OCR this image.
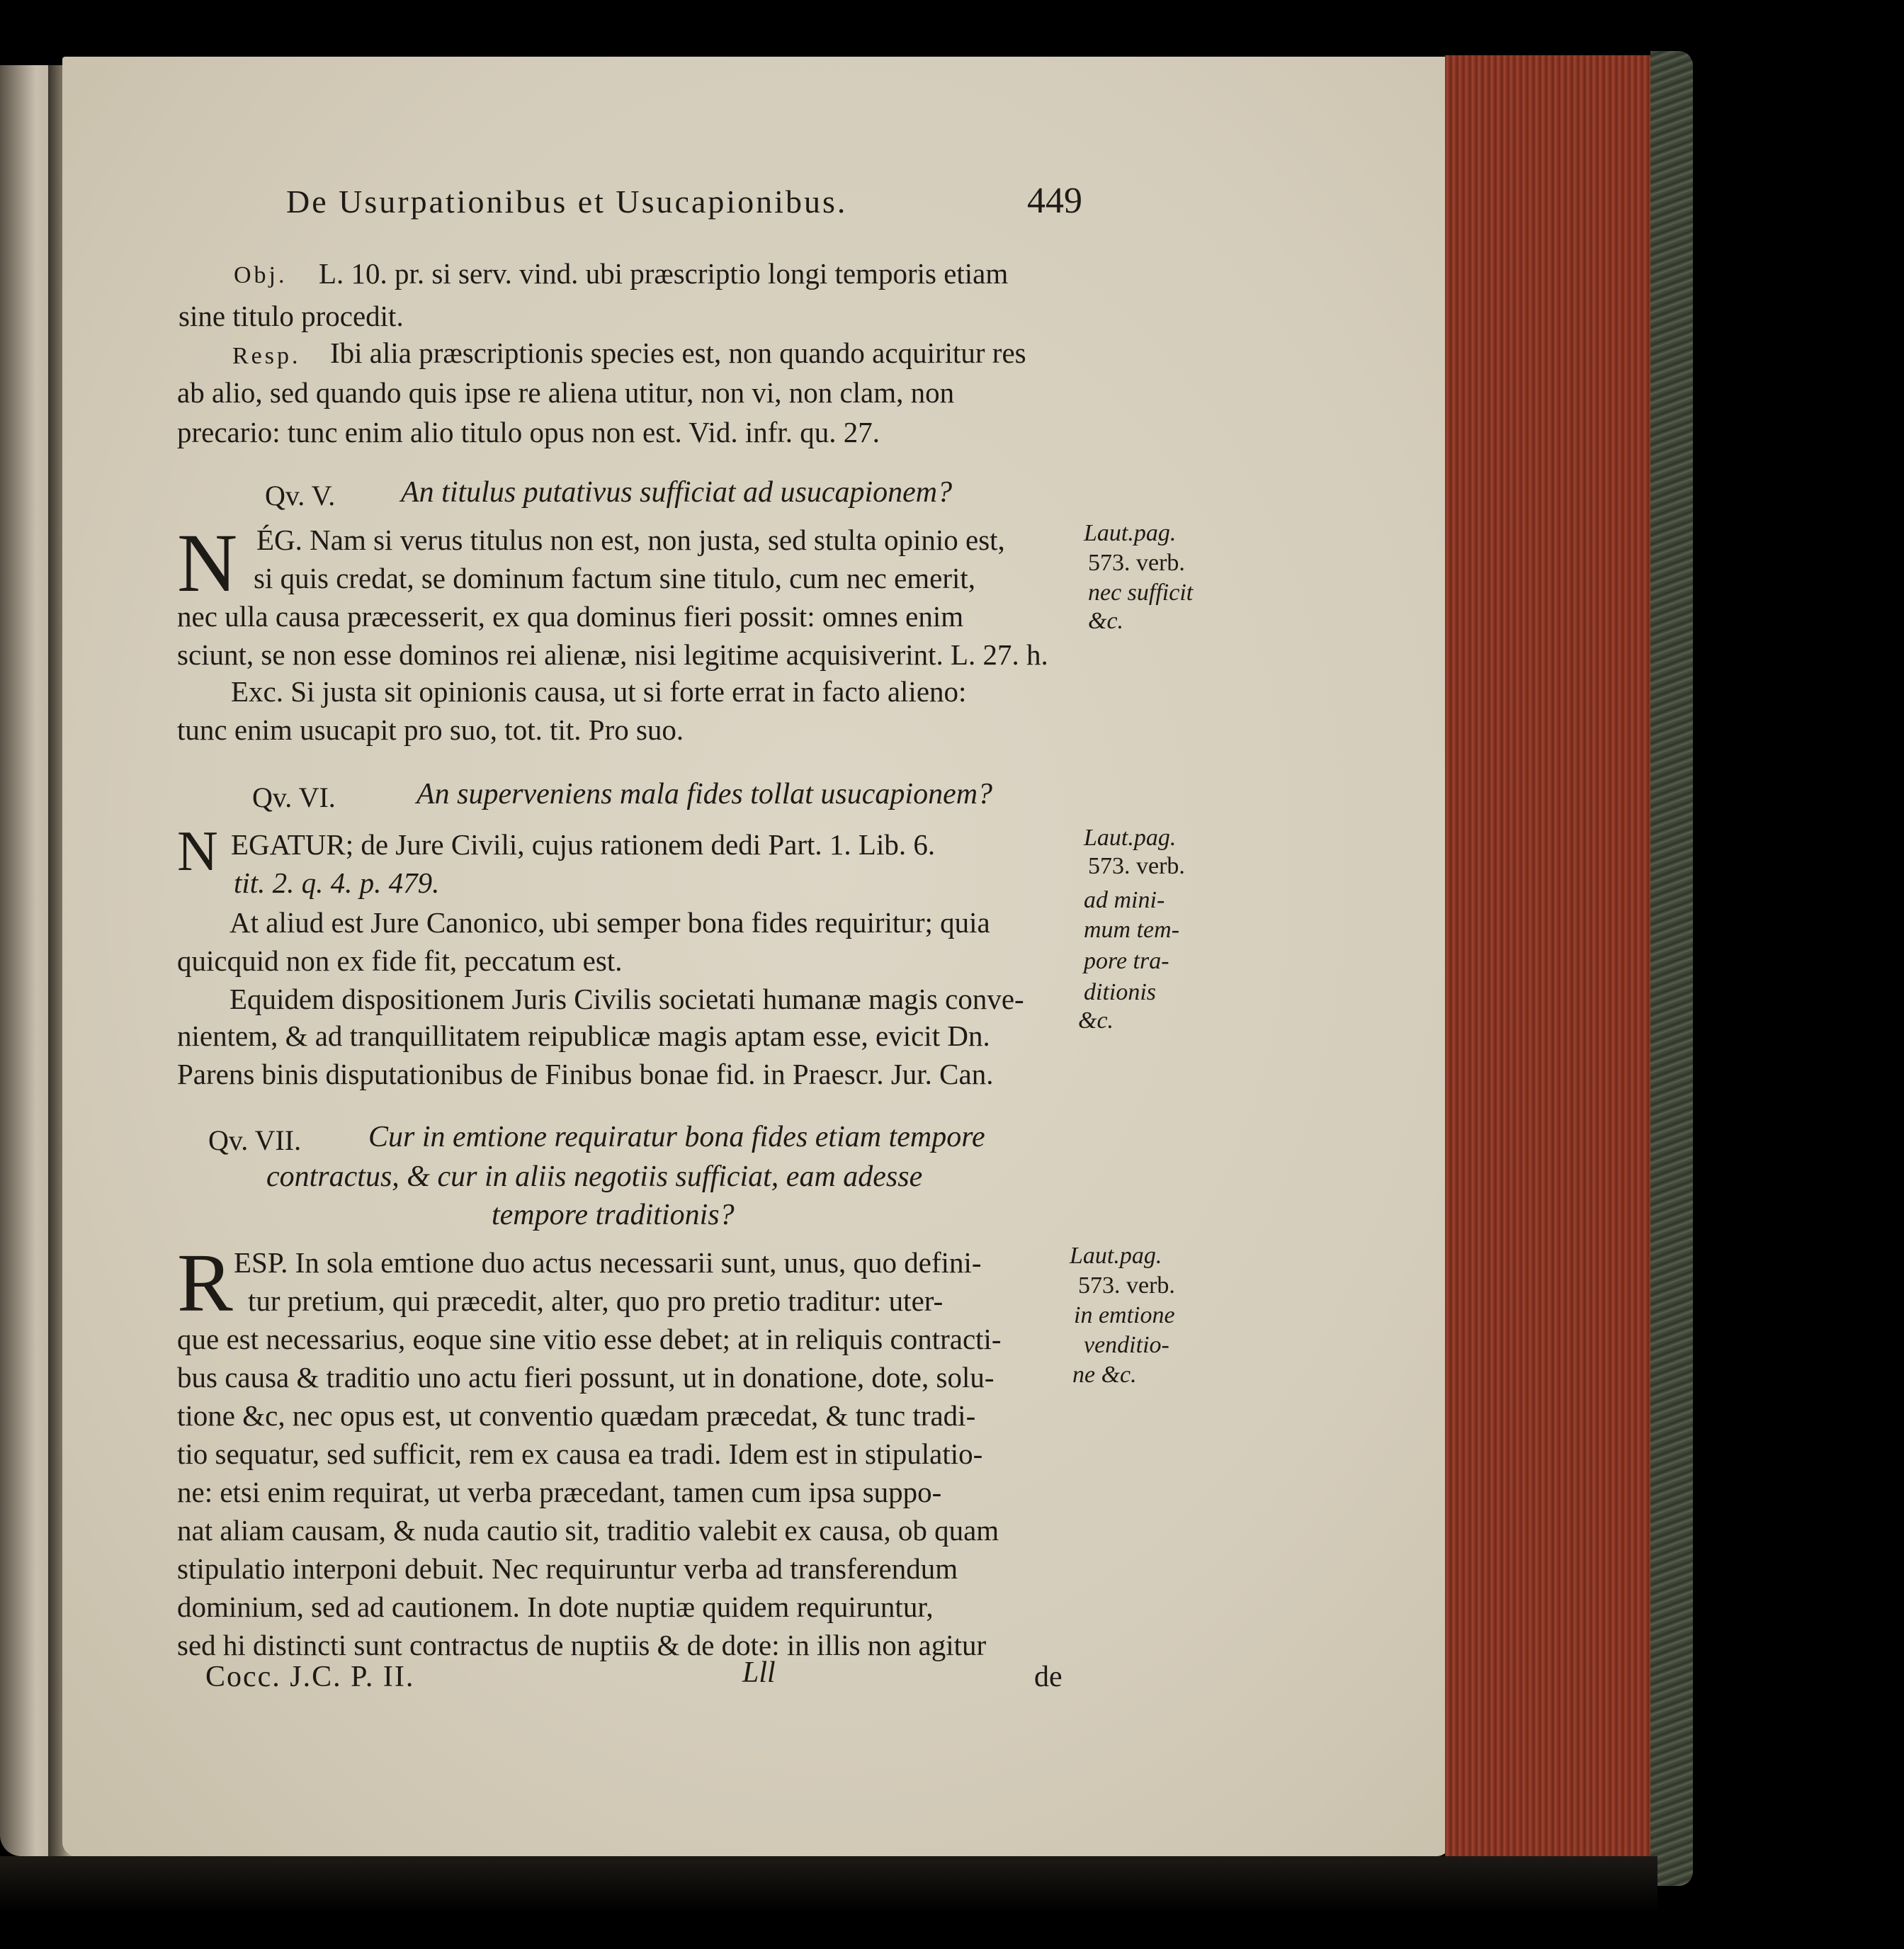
De Usurpationibus et Usucapionibus.	449
Obj. L. 10. pr. si serv. vind. ubi præscriptio longi temporis etiam
sine titulo procedit.
Resp. Ibi alia præscriptionis species est, non quando acquiritur res
ab alio, sed quando quis ipse re aliena utitur, non vi, non clam, non
precario: tunc enim alio titulo opus non est. Vid. infr. qu. 27.
Qv. V. An titulus putativus sufficiat ad usucapionem?
N ÉG. Nam si verus titulus non est, non justa, sed stulta opinio est,
si quis credat, se dominum factum sine titulo, cum nec emerit,
nec ulla causa præcesserit, ex qua dominus fieri possit: omnes enim
sciunt, se non esse dominos rei alienæ, nisi legitime acquisiverint. L. 27. h.
Exc. Si justa sit opinionis causa, ut si forte errat in facto alieno:
tunc enim usucapit pro suo, tot. tit. Pro suo.
Laut.pag.
573. verb.
nec sufficit
&c.
Qv. VI.	An superveniens mala fides tollat usucapionem?
N EGATUR; de Jure Civili, cujus rationem dedi Part. 1. Lib. 6.
tit. 2. q. 4. p. 479.
At aliud est Jure Canonico, ubi semper bona fides requiritur; quia
quicquid non ex fide fit, peccatum est.
Equidem dispositionem Juris Civilis societati humanæ magis conve-
nientem, & ad tranquillitatem reipublicæ magis aptam esse, evicit Dn.
Parens binis disputationibus de Finibus bonae fid. in Praescr. Jur. Can.
Laut.pag.
573. verb.
ad mini-
mum tem-
pore tra-
ditionis
&c.
Qv. VII. Cur in emtione requiratur bona fides etiam tempore
contractus, & cur in aliis negotiis sufficiat, eam adesse
tempore traditionis?
R ESP. In sola emtione duo actus necessarii sunt, unus, quo defini-
tur pretium, qui præcedit, alter, quo pro pretio traditur: uter-
que est necessarius, eoque sine vitio esse debet; at in reliquis contracti-
bus causa & traditio uno actu fieri possunt, ut in donatione, dote, solu-
tione &c, nec opus est, ut conventio quædam præcedat, & tunc tradi-
tio sequatur, sed sufficit, rem ex causa ea tradi. Idem est in stipulatio-
ne: etsi enim requirat, ut verba præcedant, tamen cum ipsa suppo-
nat aliam causam, & nuda cautio sit, traditio valebit ex causa, ob quam
stipulatio interponi debuit. Nec requiruntur verba ad transferendum
dominium, sed ad cautionem. In dote nuptiæ quidem requiruntur,
sed hi distincti sunt contractus de nuptiis & de dote: in illis non agitur
Laut.pag.
573. verb.
in emtione
venditio-
ne &c.
Cocc. J.C. P. II.	Lll	de
